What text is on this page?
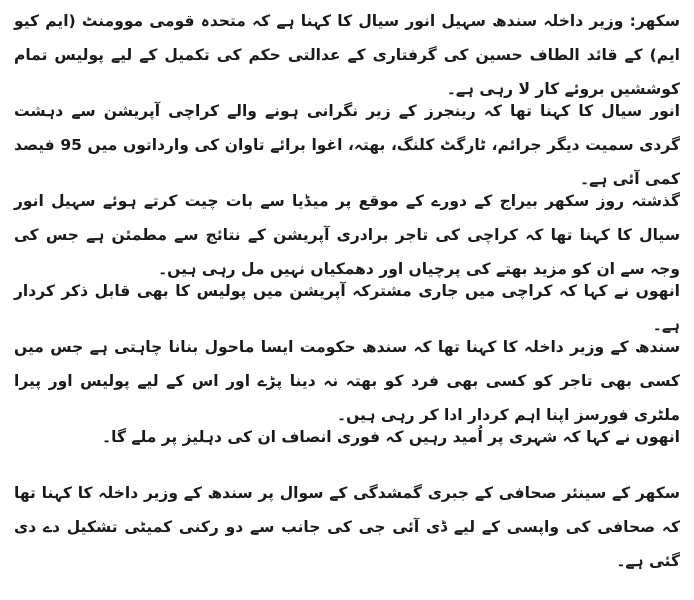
سکھر: وزیر داخلہ سندھ سہیل انور سیال کا کہنا ہے کہ متحدہ قومی موومنٹ (ایم کیو ایم) کے قائد الطاف حسین کی گرفتاری کے عدالتی حکم کی تکمیل کے لیے پولیس تمام کوششیں بروئے کار لا رہی ہے۔

انور سیال کا کہنا تھا کہ رینجرز کے زیر نگرانی ہونے والے کراچی آپریشن سے دہشت گردی سمیت دیگر جرائم، ٹارگٹ کلنگ، بھتہ، اغوا برائے تاوان کی وارداتوں میں 95 فیصد کمی آئی ہے۔

گذشتہ روز سکھر بیراج کے دورے کے موقع پر میڈیا سے بات چیت کرتے ہوئے سہیل انور سیال کا کہنا تھا کہ کراچی کی تاجر برادری آپریشن کے نتائج سے مطمئن ہے جس کی وجہ سے ان کو مزید بھتے کی پرچیاں اور دھمکیاں نہیں مل رہی ہیں۔

انھوں نے کہا کہ کراچی میں جاری مشترکہ آپریشن میں پولیس کا بھی قابل ذکر کردار ہے۔

سندھ کے وزیر داخلہ کا کہنا تھا کہ سندھ حکومت ایسا ماحول بنانا چاہتی ہے جس میں کسی بھی تاجر کو کسی بھی فرد کو بھتہ نہ دینا پڑے اور اس کے لیے پولیس اور پیرا ملٹری فورسز اپنا اہم کردار ادا کر رہی ہیں۔

انھوں نے کہا کہ شہری پر اُمید رہیں کہ فوری انصاف ان کی دہلیز پر ملے گا۔

سکھر کے سینئر صحافی کے جبری گمشدگی کے سوال پر سندھ کے وزیر داخلہ کا کہنا تھا کہ صحافی کی واپسی کے لیے ڈی آئی جی کی جانب سے دو رکنی کمیٹی تشکیل دے دی گئی ہے۔
